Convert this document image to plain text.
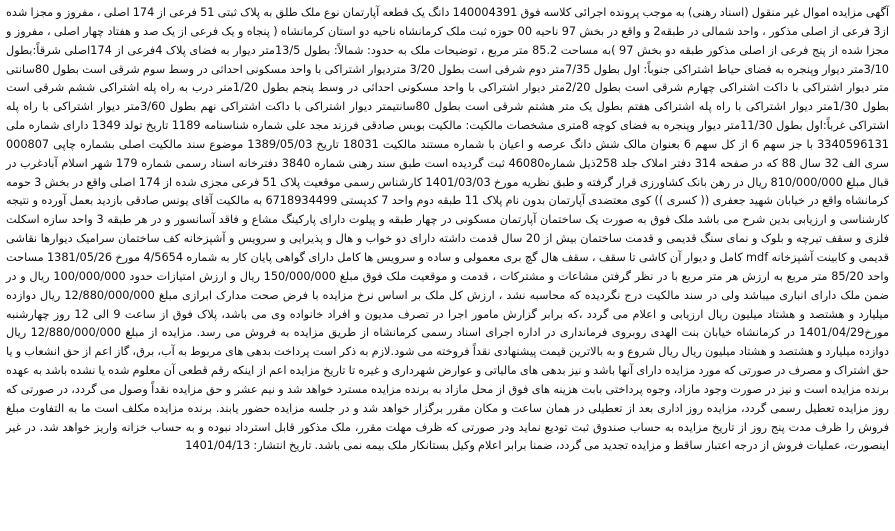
آگهی مزایده اموال غیر منقول (اسناد رهنی) به موجب پرونده اجرائی کلاسه فوق 140004391 دانگ یک قطعه آپارتمان نوع ملک طلق به پلاک ثبتی 51 فرعی از 174 اصلی ، مفروز و مجزا شده از3 فرعی از اصلی مذکور ، واحد شمالی در طبقه2 و واقع در بخش 97 ناحیه 00 حوزه ثبت ملک کرمانشاه ناحیه دو استان کرمانشاه ( پنجاه و یک فرعی از یک صد و هفتاد چهار اصلی ، مفروز و مجزا شده از پنج فرعی از اصلی مذکور طبقه دو بخش 97 )به مساحت 85.2 متر مربع ، توضیحات ملک به حدود: شمالاً: بطول 13/5متر دیوار به فضای پلاک 4فرعی از 174اصلی شرقاً:بطول 3/10متر دیوار وپنجره به فضای حیاط اشتراکی جنوباً: اول بطول 7/35متر دوم شرقی است بطول 3/20 متردیوار اشتراکی با واحد مسکونی احداثی در وسط سوم شرقی است بطول 80سانتی متر دیوار اشتراکی با داکت اشتراکی چهارم شرقی است بطول 2/20متر دیوار اشتراکی با واحد مسکونی احداثی در وسط پنجم بطول 1/20متر درب به راه پله اشتراکی ششم شرقی است بطول 1/30متر دیوار اشتراکی با راه پله اشتراکی هفتم بطول یک متر هشتم شرقی است بطول 80سانتیمتر دیوار اشتراکی با داکت اشتراکی نهم بطول 3/60متر دیوار اشتراکی با راه پله اشتراکی غرباً:اول بطول 11/30متر دیوار وپنجره به فضای کوچه 8متری مشخصات مالکیت: مالکیت بوبس صادقی فرزند مجد علی شماره شناسنامه 1189 تاریخ تولد 1349 دارای شماره ملی 3340596131 با جز سهم 6 از کل سهم 6 بعنوان مالک شش دانگ عرصه و اعیان با شماره مستند مالکیت 18031 تاریخ 1389/05/03 موضوع سند مالکیت اصلی بشماره چاپی 000807 سری الف 32 سال 88 که در صفحه 314 دفتر املاک جلد 258ذیل شماره46080 ثبت گردیده است طبق سند رهنی شماره 3840 دفترخانه اسناد رسمی شماره 179 شهر اسلام آبادغرب در قبال مبلغ 810/000/000 ریال در رهن بانک کشاورزی قرار گرفته و طبق نظریه مورخ 1401/03/03 کارشناس رسمی موقعیت پلاک 51 فرعی مجزی شده از 174 اصلی واقع در بخش 3 حومه کرمانشاه واقع در خیابان شهید جعفری (( کسری )) کوی معتضدی آپارتمان بدون نام پلاک 11 طبقه دوم واحد 7 کدپستی 6718934499 به مالکیت آقای یونس صادقی بازدید بعمل آورده و نتیجه کارشناسی و ارزیابی بدین شرح می باشد ملک فوق به صورت یک ساختمان آپارتمان مسکونی در چهار طبقه و پیلوت دارای پارکینگ مشاع و فاقد آسانسور و در هر طبقه 3 واحد سازه اسکلت فلزی و سقف تیرچه و بلوک و نمای سنگ قدیمی و قدمت ساختمان بیش از 20 سال قدمت داشته دارای دو خواب و هال و پذیرایی و سرویس و آشپزخانه کف ساختمان سرامیک دیوارها نقاشی قدیمی و کابینت آشپزخانه mdf کامل و دیوار آن کاشی تا سقف ، سقف هال گچ بری معمولی و ساده و سرویس ها کامل دارای گواهی پایان کار به شماره 4/5654 مورخ 1381/05/26 مساحت واحد 85/20 متر مربع به ارزش هر متر مربع با در نظر گرفتن مشاعات و مشترکات ، قدمت و موقعیت ملک فوق مبلغ 150/000/000 ریال و ارزش امتیازات حدود 100/000/000 ریال و در ضمن ملک دارای انباری میباشد ولی در سند مالکیت درج نگردیده که محاسبه نشد ، ارزش کل ملک بر اساس نرخ مزایده با فرض صحت مدارک ابرازی مبلغ 12/880/000/000 ریال دوازده میلیارد و هشتصد و هشتاد میلیون ریال ارزیابی و اعلام می گردد ،که برابر گزارش مامور اجرا در تصرف مدیون و افراد خانواده وی می باشد، پلاک فوق از ساعت 9 الی 12 روز چهارشنبه مورخ1401/04/29 در کرمانشاه خیابان بنت الهدی روبروی فرمانداری در اداره اجرای اسناد رسمی کرمانشاه از طریق مزایده به فروش می رسد. مزایده از مبلغ 12/880/000/000 ریال دوازده میلیارد و هشتصد و هشتاد میلیون ریال ریال شروع و به بالاترین قیمت پیشنهادی نقداً فروخته می شود.لازم به ذکر است پرداخت بدهی های مربوط به آب، برق، گاز اعم از حق انشعاب و یا حق اشتراک و مصرف در صورتی که مورد مزایده دارای آنها باشد و نیز بدهی های مالیاتی و عوارض شهرداری و غیره تا تاریخ مزایده اعم از اینکه رقم قطعی آن معلوم شده یا نشده باشد به عهده برنده مزایده است و نیز در صورت وجود مازاد، وجوه پرداختی بابت هزینه های فوق از محل مازاد به برنده مزایده مسترد خواهد شد و نیم عشر و حق مزایده نقداً وصول می گردد، در صورتی که روز مزایده تعطیل رسمی گردد، مزایده روز اداری بعد از تعطیلی در همان ساعت و مکان مقرر برگزار خواهد شد و در جلسه مزایده حضور یابند. برنده مزایده مکلف است ما به التفاوت مبلغ فروش را ظرف مدت پنج روز از تاریخ مزایده به حساب صندوق ثبت تودیع نماید ودر صورتی که ظرف مهلت مقرر، ملک مذکور قابل استرداد نبوده و به حساب خزانه واریز خواهد شد. در غیر اینصورت، عملیات فروش از درجه اعتبار ساقط و مزایده تجدید می گردد، ضمنا برابر اعلام وکیل بستانکار ملک بیمه نمی باشد. تاریخ انتشار: 1401/04/13
